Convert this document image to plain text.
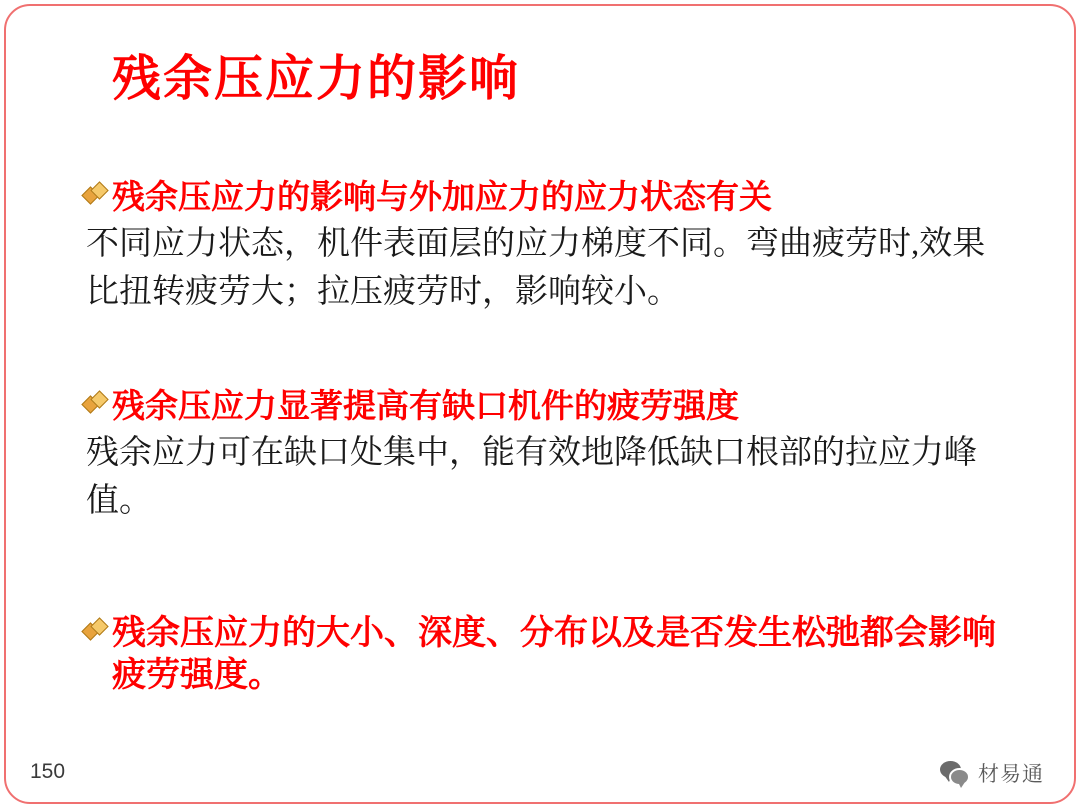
残余压应力的影响
残余压应力的影响与外加应力的应力状态有关
不同应力状态，机件表面层的应力梯度不同。弯曲疲劳时,效果比扭转疲劳大；拉压疲劳时，影响较小。
残余压应力显著提高有缺口机件的疲劳强度
残余应力可在缺口处集中，能有效地降低缺口根部的拉应力峰值。
残余压应力的大小、深度、分布以及是否发生松弛都会影响疲劳强度。
150	材易通
